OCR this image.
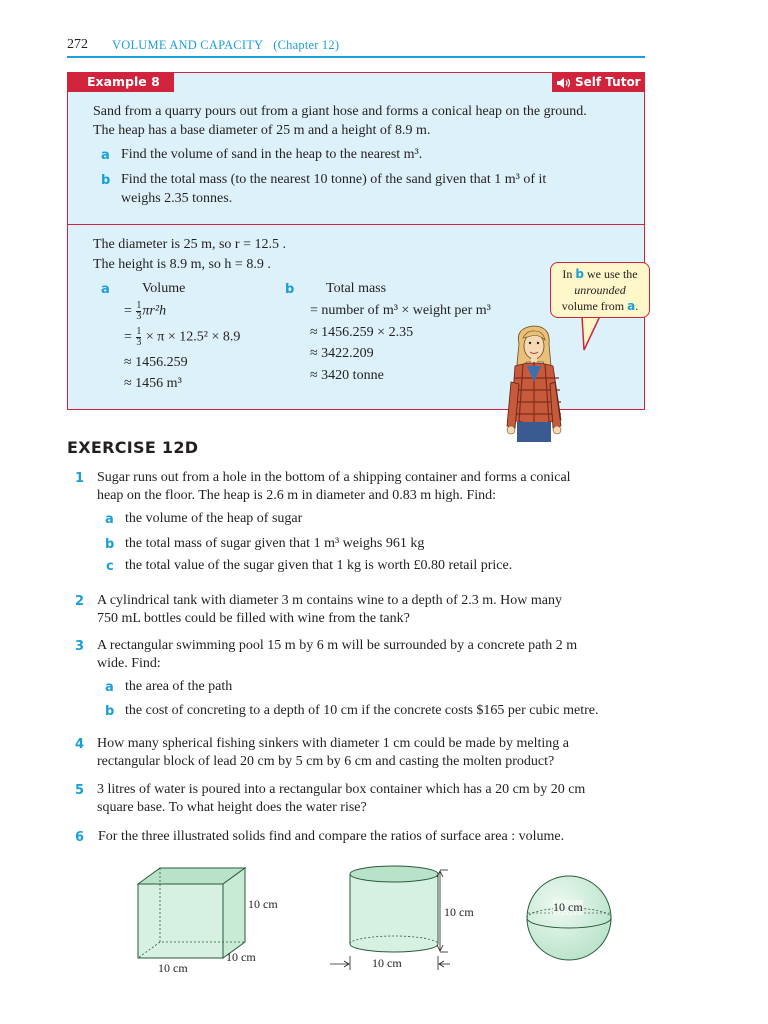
272 VOLUME AND CAPACITY (Chapter 12)
Example 8	Self Tutor
Sand from a quarry pours out from a giant hose and forms a conical heap on the ground.
The heap has a base diameter of 25 m and a height of 8.9 m.
a Find the volume of sand in the heap to the nearest m³.
b Find the total mass (to the nearest 10 tonne) of the sand given that 1 m³ of it
weighs 2.35 tonnes.
The diameter is 25 m, so r = 12.5 .
The height is 8.9 m, so h = 8.9 .
a Volume
= $\frac{1}{3} \pi r^2h$
= $\frac{1}{3} \times \pi \times 12.5^2 \times 8.9$
≈ 1456.259
≈ 1456 m³
b Total mass
= number of m³ × weight per m³
≈ 1456.259 × 2.35
≈ 3422.209
≈ 3420 tonne
In b we use the
unrounded
volume from a.
EXERCISE 12D
1 Sugar runs out from a hole in the bottom of a shipping container and forms a conical
heap on the floor. The heap is 2.6 m in diameter and 0.83 m high. Find:
a the volume of the heap of sugar
b the total mass of sugar given that 1 m³ weighs 961 kg
c the total value of the sugar given that 1 kg is worth £0.80 retail price.
2 A cylindrical tank with diameter 3 m contains wine to a depth of 2.3 m. How many
750 mL bottles could be filled with wine from the tank?
3 A rectangular swimming pool 15 m by 6 m will be surrounded by a concrete path 2 m
wide. Find:
a the area of the path
b the cost of concreting to a depth of 10 cm if the concrete costs $165 per cubic metre.
4 How many spherical fishing sinkers with diameter 1 cm could be made by melting a
rectangular block of lead 20 cm by 5 cm by 6 cm and casting the molten product?
5 3 litres of water is poured into a rectangular box container which has a 20 cm by 20 cm
square base. To what height does the water rise?
6 For the three illustrated solids find and compare the ratios of surface area : volume.
10 cm
10 cm
10 cm
10 cm
10 cm
10 cm
